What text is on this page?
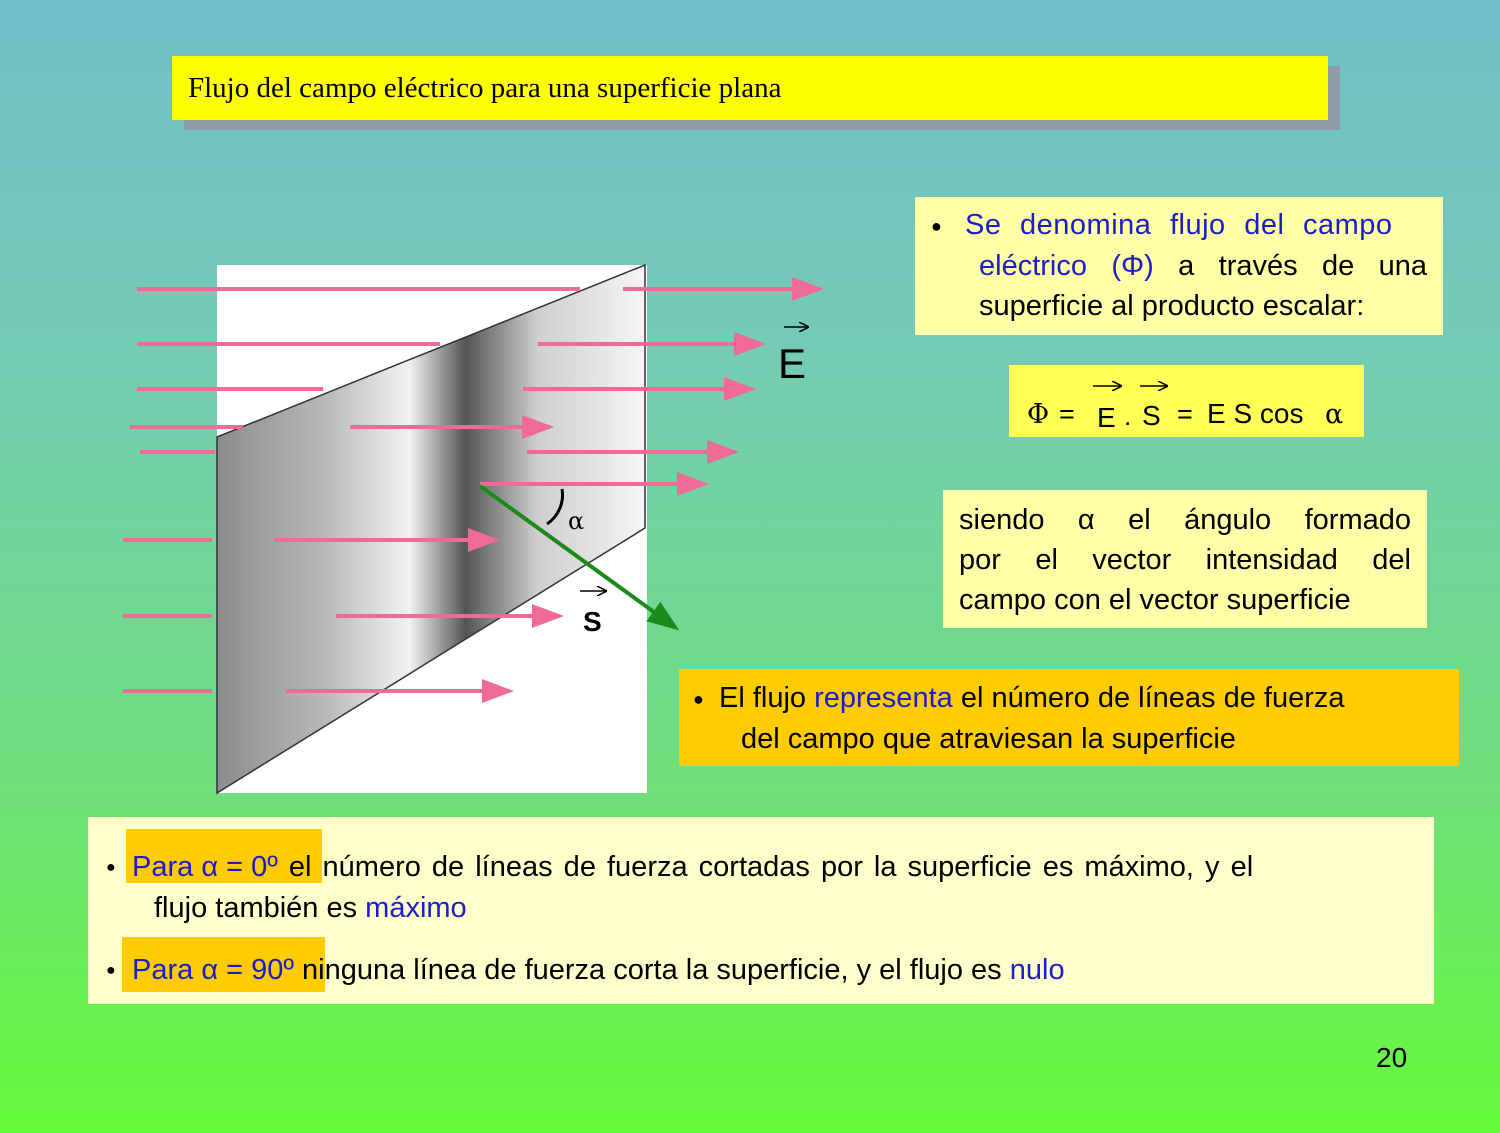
Flujo del campo eléctrico para una superficie plana
α
E
S
● Se denomina flujo del campo
eléctrico (Φ) a través de una
superficie al producto escalar:
Φ = E . S = E S cos α
siendo α el ángulo formado
por el vector intensidad del
campo con el vector superficie
● El flujo representa el número de líneas de fuerza
del campo que atraviesan la superficie
● Para α = 0º el número de líneas de fuerza cortadas por la superficie es máximo, y el
flujo también es máximo
● Para α = 90º ninguna línea de fuerza corta la superficie, y el flujo es nulo
20
